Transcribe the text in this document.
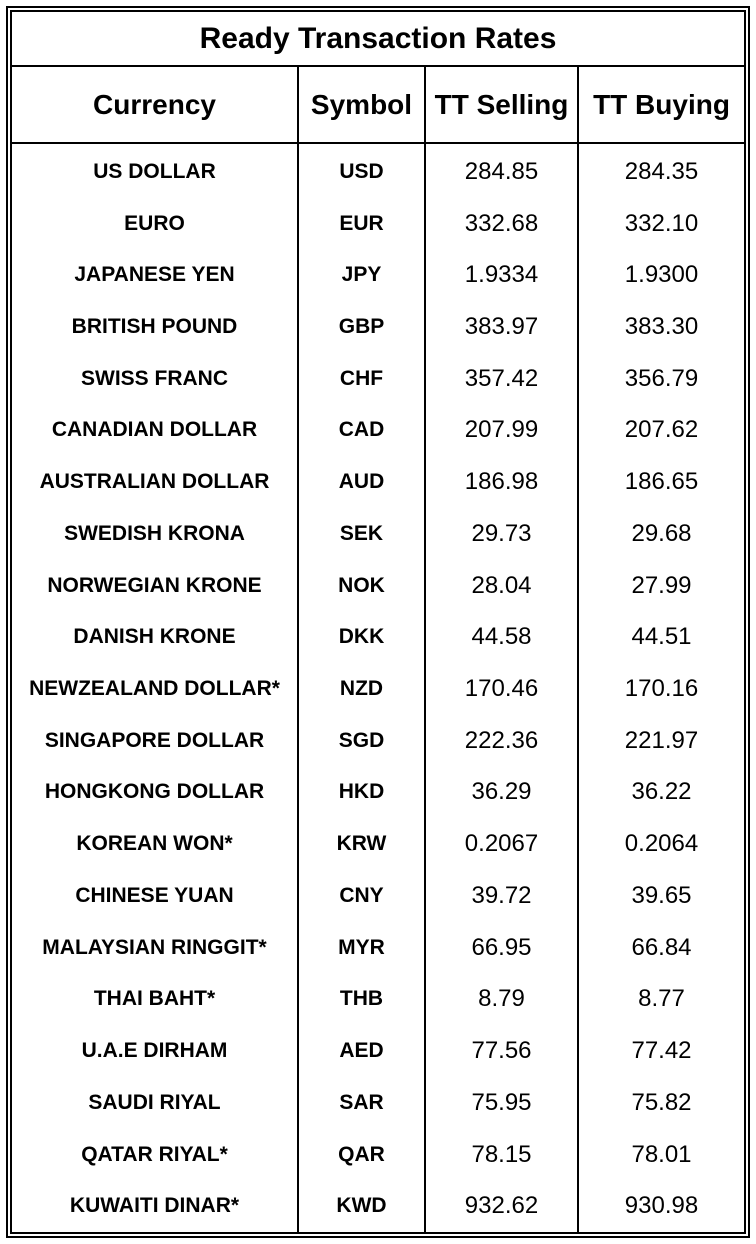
Ready Transaction Rates
Currency	Symbol TT Selling TT Buying
US DOLLAR
EURO
JAPANESE YEN
BRITISH POUND
SWISS FRANC
CANADIAN DOLLAR
AUSTRALIAN DOLLAR
SWEDISH KRONA
NORWEGIAN KRONE
DANISH KRONE
NEWZEALAND DOLLAR*
SINGAPORE DOLLAR
HONGKONG DOLLAR
KOREAN WON*
CHINESE YUAN
MALAYSIAN RINGGIT*
THAI BAHT*
U.A.E DIRHAM
SAUDI RIYAL
QATAR RIYAL*
KUWAITI DINAR*
USD
EUR
JPY
GBP
CHF
CAD
AUD
SEK
NOK
DKK
NZD
SGD
HKD
KRW
CNY
MYR
THB
AED
SAR
QAR
KWD
284.85
332.68
1.9334
383.97
357.42
207.99
186.98
29.73
28.04
44.58
170.46
222.36
36.29
0.2067
39.72
66.95
8.79
77.56
75.95
78.15
932.62
284.35
332.10
1.9300
383.30
356.79
207.62
186.65
29.68
27.99
44.51
170.16
221.97
36.22
0.2064
39.65
66.84
8.77
77.42
75.82
78.01
930.98
